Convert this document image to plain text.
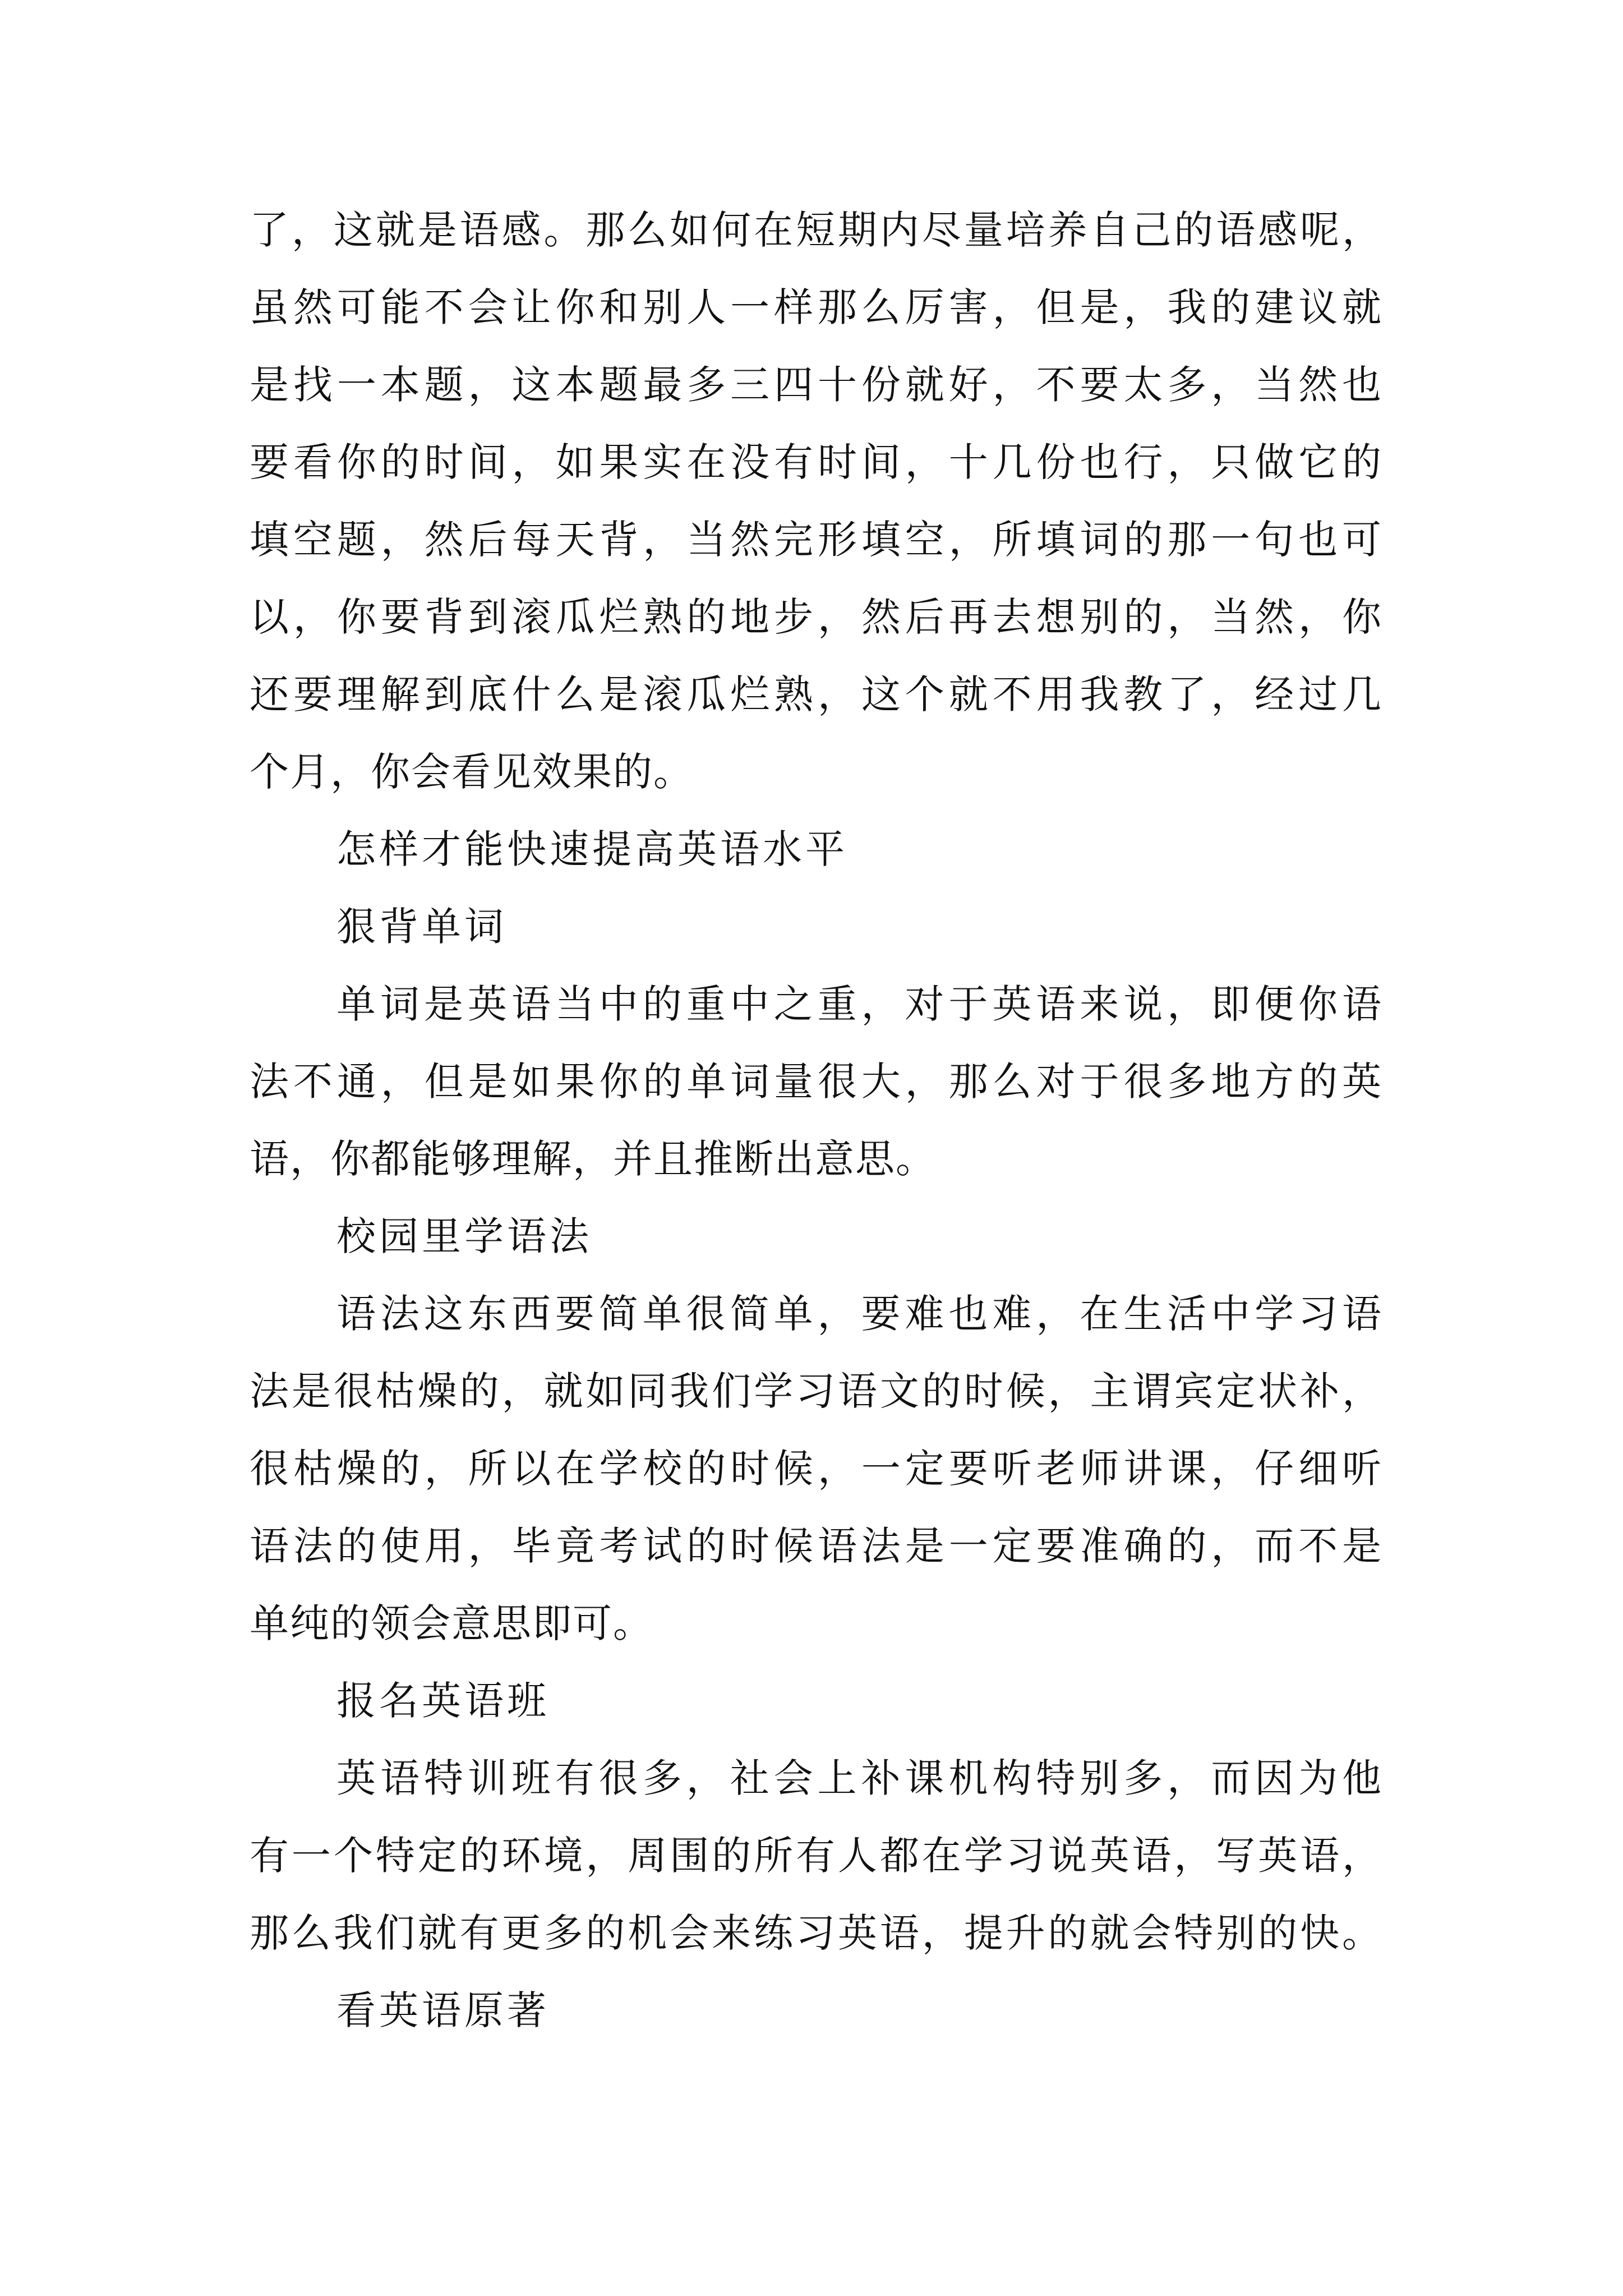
了，这就是语感。那么如何在短期内尽量培养自己的语感呢，
虽然可能不会让你和别人一样那么厉害，但是，我的建议就
是找一本题，这本题最多三四十份就好，不要太多，当然也
要看你的时间，如果实在没有时间，十几份也行，只做它的
填空题，然后每天背，当然完形填空，所填词的那一句也可
以，你要背到滚瓜烂熟的地步，然后再去想别的，当然，你
还要理解到底什么是滚瓜烂熟，这个就不用我教了，经过几
个月，你会看见效果的。
怎样才能快速提高英语水平
狠背单词
单词是英语当中的重中之重，对于英语来说，即便你语
法不通，但是如果你的单词量很大，那么对于很多地方的英
语，你都能够理解，并且推断出意思。
校园里学语法
语法这东西要简单很简单，要难也难，在生活中学习语
法是很枯燥的，就如同我们学习语文的时候，主谓宾定状补，
很枯燥的，所以在学校的时候，一定要听老师讲课，仔细听
语法的使用，毕竟考试的时候语法是一定要准确的，而不是
单纯的领会意思即可。
报名英语班
英语特训班有很多，社会上补课机构特别多，而因为他
有一个特定的环境，周围的所有人都在学习说英语，写英语，
那么我们就有更多的机会来练习英语，提升的就会特别的快。
看英语原著
